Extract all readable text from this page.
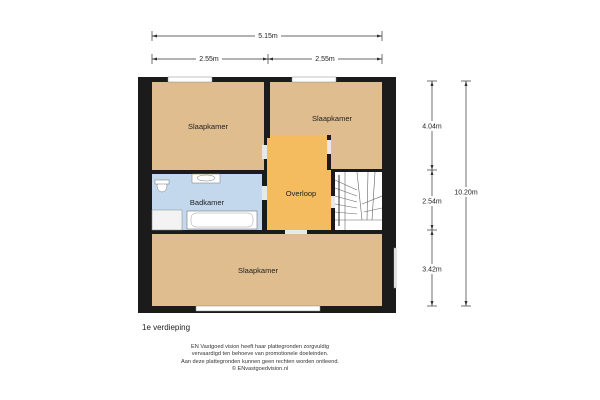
5.15m
2.55m	2.55m
4.04m
2.54m
3.42m
10.20m
Slaapkamer
Slaapkamer
Badkamer
Overloop
Slaapkamer
1e verdieping
EN Vastgoed vision heeft haar plattegronden zorgvuldig
vervaardigd ten behoeve van promotionele doeleinden.
Aan deze plattegronden kunnen geen rechten worden ontleend.
© ENvastgoedvision.nl
